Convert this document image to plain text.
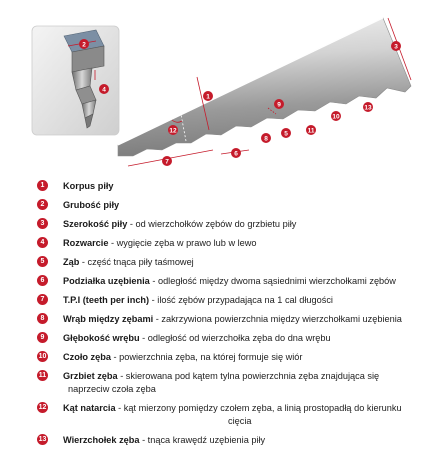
1
2	3
4
5
6
7
8
9
10
11
12
13
1	Korpus piły
2	Grubość piły
3	Szerokość piły - od wierzchołków zębów do grzbietu piły
4	Rozwarcie - wygięcie zęba w prawo lub w lewo
5	Ząb - część tnąca piły taśmowej
6	Podziałka uzębienia - odległość między dwoma sąsiednimi wierzchołkami zębów
7	T.P.I (teeth per inch) - ilość zębów przypadająca na 1 cal długości
8	Wrąb między zębami - zakrzywiona powierzchnia między wierzchołkami uzębienia
9	Głębokość wrębu - odległość od wierzchołka zęba do dna wrębu
10 Czoło zęba - powierzchnia zęba, na której formuje się wiór
11 Grzbiet zęba - skierowana pod kątem tylna powierzchnia zęba znajdująca się
naprzeciw czoła zęba
12 Kąt natarcia - kąt mierzony pomiędzy czołem zęba, a linią prostopadłą do kierunku
cięcia
13 Wierzchołek zęba - tnąca krawędź uzębienia piły
